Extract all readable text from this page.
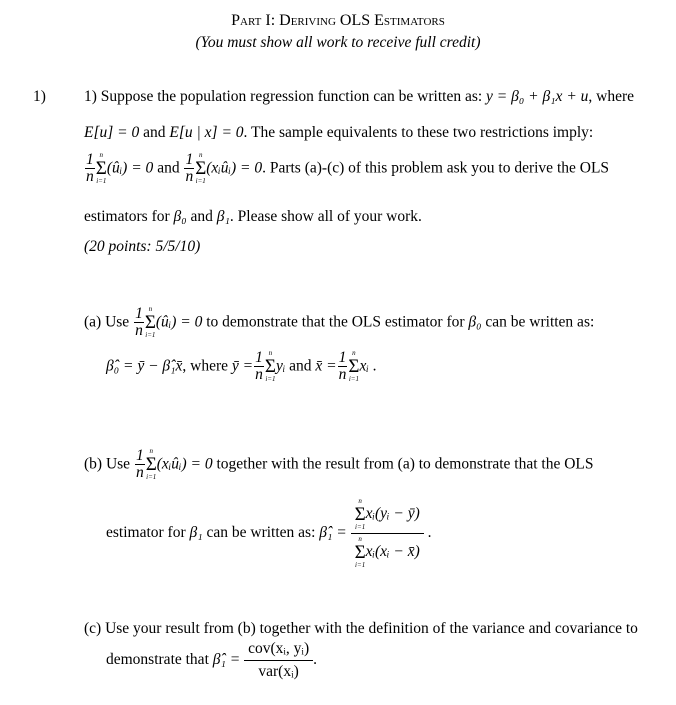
Part I: Deriving OLS Estimators
(You must show all work to receive full credit)
1) 1) Suppose the population regression function can be written as: y = β₀ + β₁x + u, where
E[u] = 0 and E[u | x] = 0. The sample equivalents to these two restrictions imply:
$\frac{1}{n}$ n
Σ
i=1
(ûᵢ) = 0 and $\frac{1}{n}$ n
Σ
i=1
(xᵢûᵢ) = 0. Parts (a)-(c) of this problem ask you to derive the OLS
estimators for β₀ and β₁. Please show all of your work.
(20 points: 5/5/10)
(a) Use $\frac{1}{n}$ n
Σ
i=1
(ûᵢ) = 0 to demonstrate that the OLS estimator for β₀ can be written as:
β̂₀ = ȳ − β̂₁x̄, where ȳ = $\frac{1}{n}$ n
Σ
i=1
yᵢ and x̄ = $\frac{1}{n}$ n
Σ
i=1
xᵢ .
(b) Use $\frac{1}{n}$ n
Σ
i=1
(xᵢûᵢ) = 0 together with the result from (a) to demonstrate that the OLS
estimator for β₁ can be written as: β̂₁ = n
Σ
i=1
xᵢ(yᵢ − ȳ)
n
Σ
i=1
xᵢ(xᵢ − x̄) .
(c) Use your result from (b) together with the definition of the variance and covariance to
demonstrate that β̂₁ = $\frac{\text{cov(xᵢ, yᵢ)}}{\text{var(xᵢ)}}$ .
